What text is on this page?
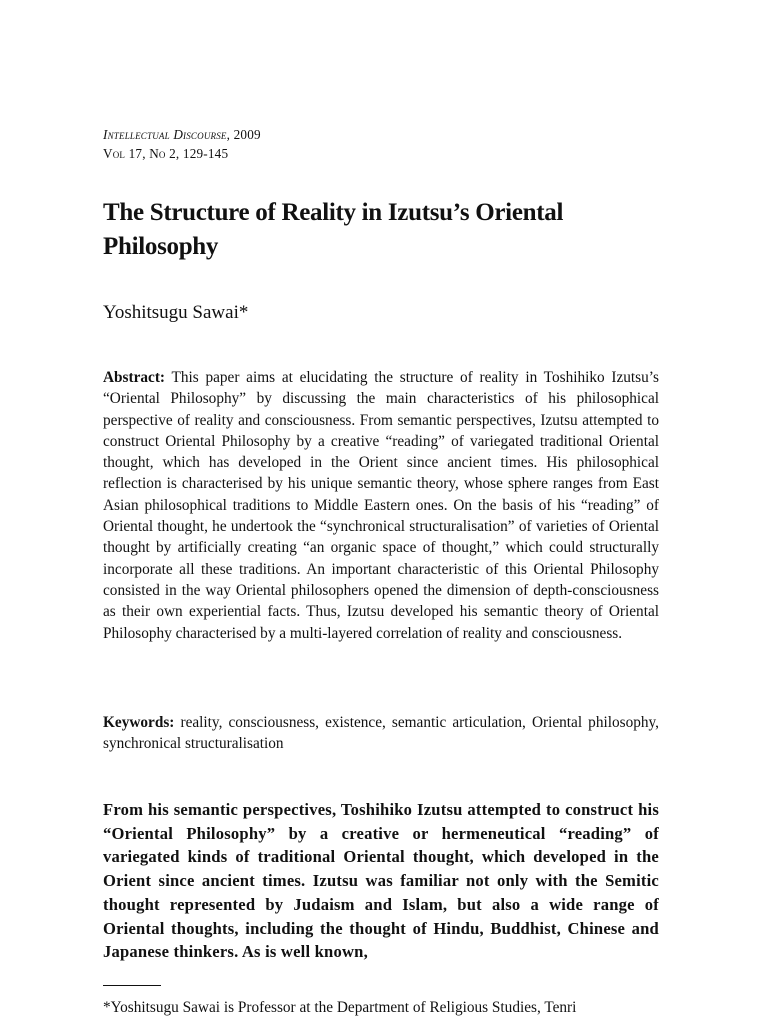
Intellectual Discourse, 2009
Vol 17, No 2, 129-145
The Structure of Reality in Izutsu’s Oriental Philosophy
Yoshitsugu Sawai*

Abstract: This paper aims at elucidating the structure of reality in Toshihiko Izutsu’s “Oriental Philosophy” by discussing the main characteristics of his philosophical perspective of reality and consciousness. From semantic perspectives, Izutsu attempted to construct Oriental Philosophy by a creative “reading” of variegated traditional Oriental thought, which has developed in the Orient since ancient times. His philosophical reflection is characterised by his unique semantic theory, whose sphere ranges from East Asian philosophical traditions to Middle Eastern ones. On the basis of his “reading” of Oriental thought, he undertook the “synchronical structuralisation” of varieties of Oriental thought by artificially creating “an organic space of thought,” which could structurally incorporate all these traditions. An important characteristic of this Oriental Philosophy consisted in the way Oriental philosophers opened the dimension of depth-consciousness as their own experiential facts. Thus, Izutsu developed his semantic theory of Oriental Philosophy characterised by a multi-layered correlation of reality and consciousness.

Keywords: reality, consciousness, existence, semantic articulation, Oriental philosophy, synchronical structuralisation

From his semantic perspectives, Toshihiko Izutsu attempted to construct his “Oriental Philosophy” by a creative or hermeneutical “reading” of variegated kinds of traditional Oriental thought, which developed in the Orient since ancient times. Izutsu was familiar not only with the Semitic thought represented by Judaism and Islam, but also a wide range of Oriental thoughts, including the thought of Hindu, Buddhist, Chinese and Japanese thinkers. As is well known,

*Yoshitsugu Sawai is Professor at the Department of Religious Studies, Tenri
